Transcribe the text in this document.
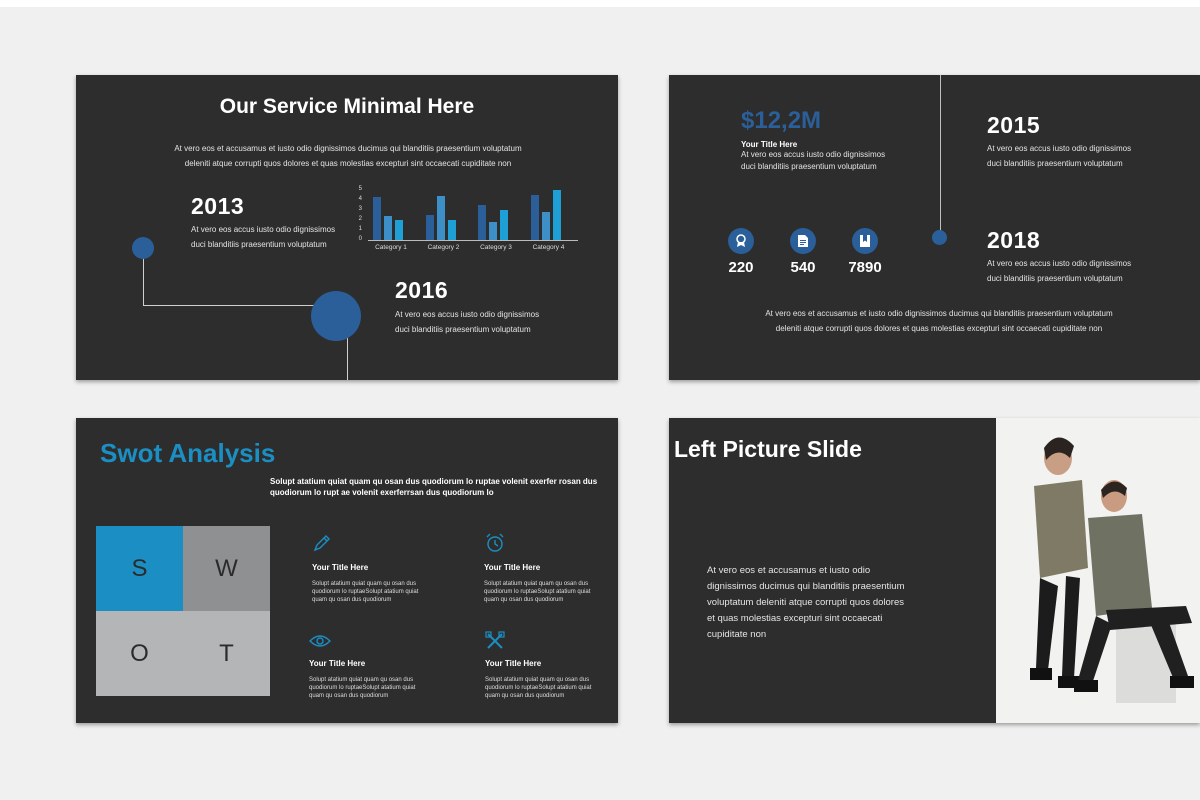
Our Service Minimal Here
At vero eos et accusamus et iusto odio dignissimos ducimus qui blanditiis praesentium voluptatum deleniti atque corrupti quos dolores et quas molestias excepturi sint occaecati cupiditate non
2013
At vero eos accus iusto odio dignissimos duci blanditiis praesentium voluptatum
2016
At vero eos accus iusto odio dignissimos duci blanditiis praesentium voluptatum
0
1
2
3
4
5
Category 1	Category 2	Category 3	Category 4
$12,2M
Your Title Here
At vero eos accus iusto odio dignissimos duci blanditiis praesentium voluptatum
2015
At vero eos accus iusto odio dignissimos duci blanditiis praesentium voluptatum
2018
At vero eos accus iusto odio dignissimos duci blanditiis praesentium voluptatum
220	540	7890
At vero eos et accusamus et iusto odio dignissimos ducimus qui blanditiis praesentium voluptatum deleniti atque corrupti quos dolores et quas molestias excepturi sint occaecati cupiditate non
Swot Analysis
Solupt atatium quiat quam qu osan dus quodiorum lo ruptae volenit exerfer rosan dus quodiorum lo rupt ae volenit exerferrsan dus quodiorum lo
S	W
O	T
Your Title Here
Solupt atatium quiat quam qu osan dus quodiorum lo ruptaeSolupt atatium quiat quam qu osan dus quodiorum
Your Title Here
Solupt atatium quiat quam qu osan dus quodiorum lo ruptaeSolupt atatium quiat quam qu osan dus quodiorum
Your Title Here
Solupt atatium quiat quam qu osan dus quodiorum lo ruptaeSolupt atatium quiat quam qu osan dus quodiorum
Your Title Here
Solupt atatium quiat quam qu osan dus quodiorum lo ruptaeSolupt atatium quiat quam qu osan dus quodiorum
Left Picture Slide
At vero eos et accusamus et iusto odio dignissimos ducimus qui blanditiis praesentium voluptatum deleniti atque corrupti quos dolores et quas molestias excepturi sint occaecati cupiditate non
